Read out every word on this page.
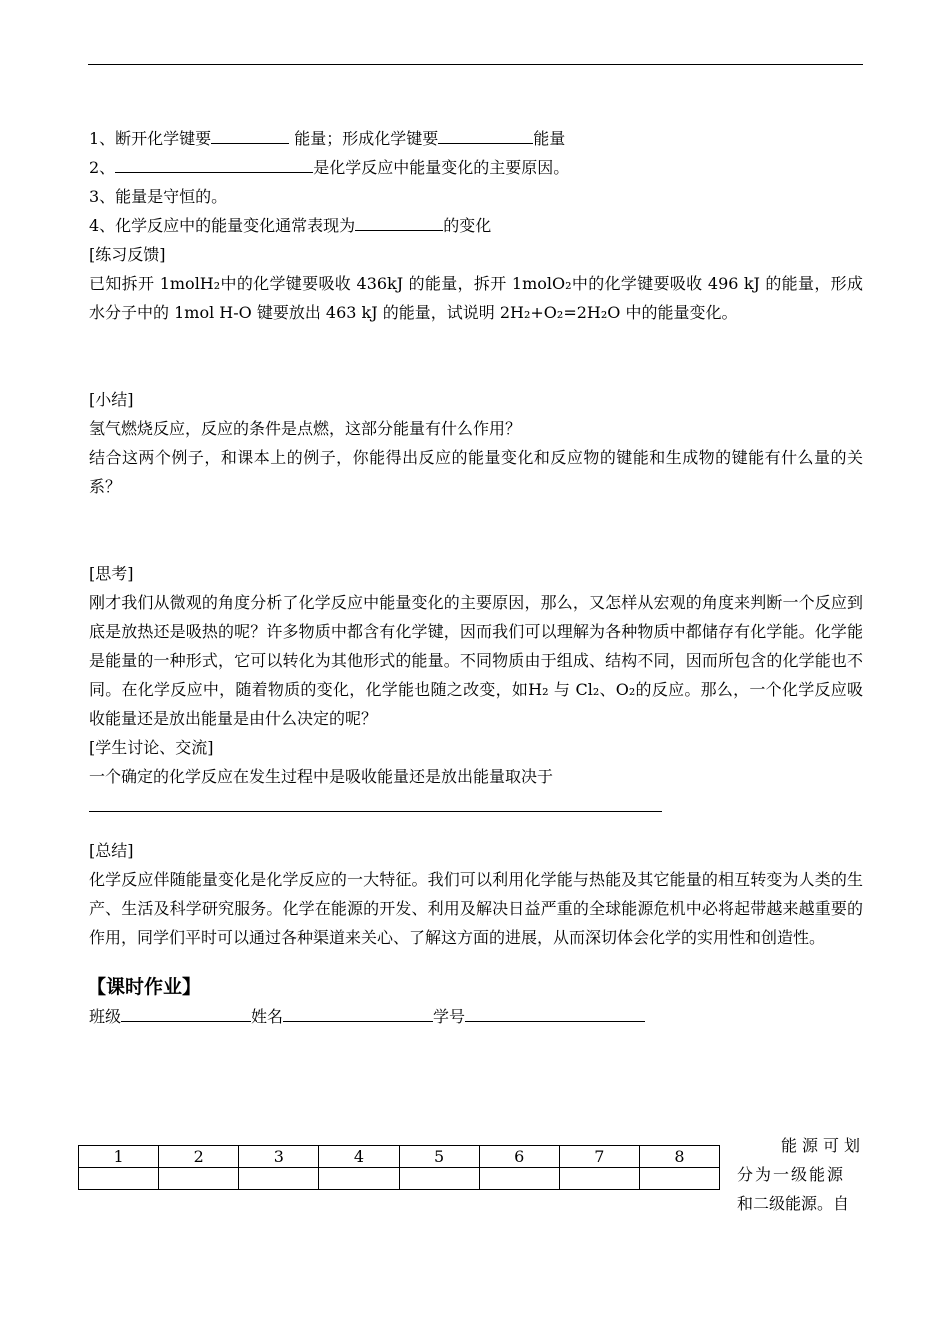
1、断开化学键要	能量；形成化学键要	能量
2、	是化学反应中能量变化的主要原因。
3、能量是守恒的。
4、化学反应中的能量变化通常表现为	的变化
[练习反馈]
已知拆开 1molH₂中的化学键要吸收 436kJ 的能量，拆开 1molO₂中的化学键要吸收 496 kJ 的能量，形成水分子中的 1mol H-O 键要放出 463 kJ 的能量，试说明 2H₂+O₂=2H₂O 中的能量变化。
[小结]
氢气燃烧反应，反应的条件是点燃，这部分能量有什么作用？
结合这两个例子，和课本上的例子，你能得出反应的能量变化和反应物的键能和生成物的键能有什么量的关系？
[思考]
刚才我们从微观的角度分析了化学反应中能量变化的主要原因，那么，又怎样从宏观的角度来判断一个反应到底是放热还是吸热的呢？许多物质中都含有化学键，因而我们可以理解为各种物质中都储存有化学能。化学能是能量的一种形式，它可以转化为其他形式的能量。不同物质由于组成、结构不同，因而所包含的化学能也不同。在化学反应中，随着物质的变化，化学能也随之改变，如H₂ 与 Cl₂、O₂的反应。那么，一个化学反应吸收能量还是放出能量是由什么决定的呢？
[学生讨论、交流]
一个确定的化学反应在发生过程中是吸收能量还是放出能量取决于
[总结]
化学反应伴随能量变化是化学反应的一大特征。我们可以利用化学能与热能及其它能量的相互转变为人类的生产、生活及科学研究服务。化学在能源的开发、利用及解决日益严重的全球能源危机中必将起带越来越重要的作用，同学们平时可以通过各种渠道来关心、了解这方面的进展，从而深切体会化学的实用性和创造性。
【课时作业】
班级	姓名	学号
1	2	3	4	5	6	7	8

能源可划
分为一级能源
和二级能源。自
